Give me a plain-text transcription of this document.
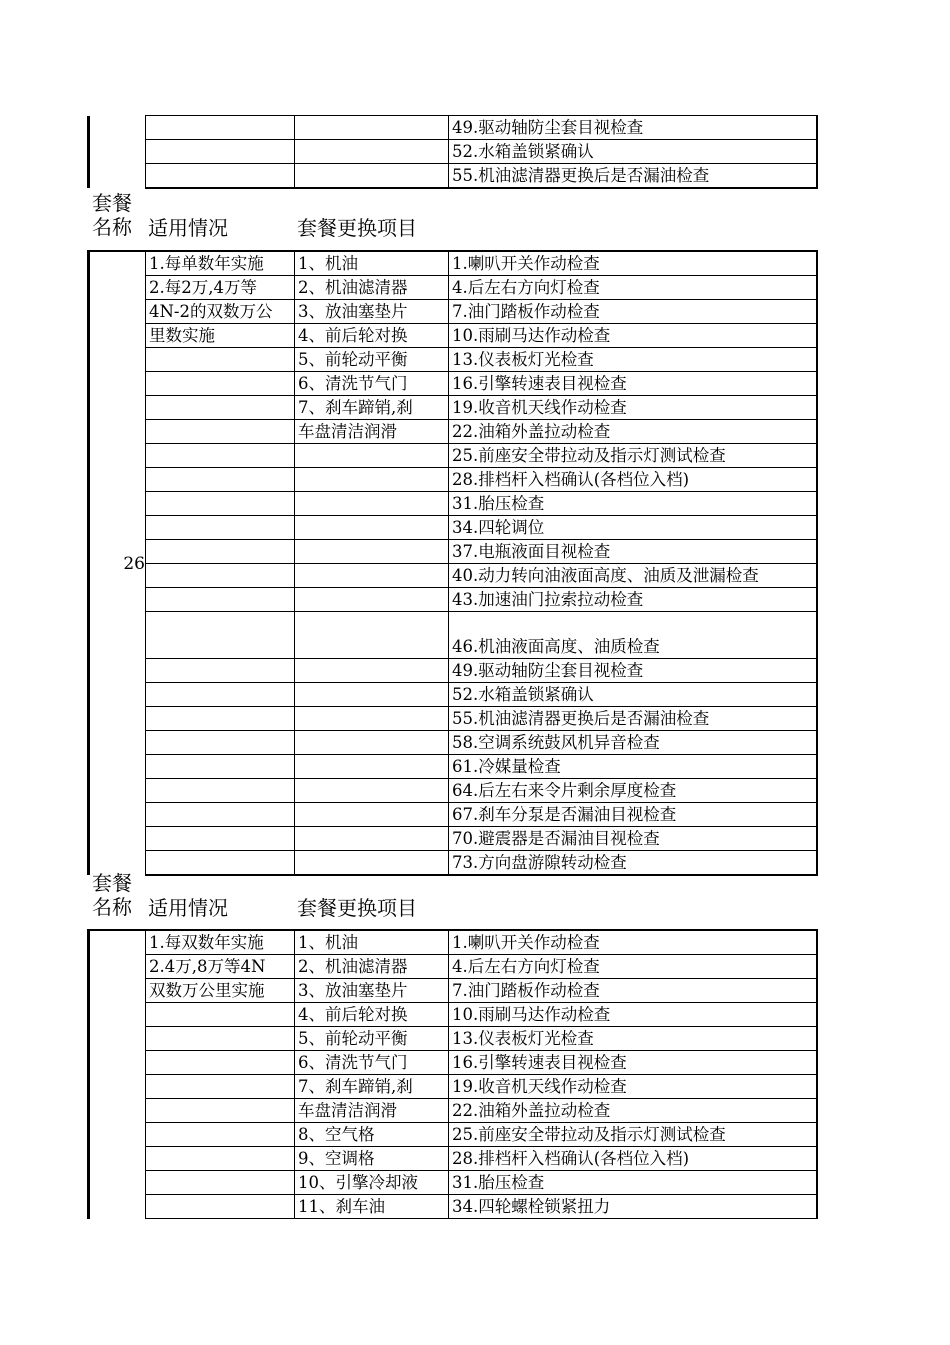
			49.驱动轴防尘套目视检查
			52.水箱盖锁紧确认
			55.机油滤清器更换后是否漏油检查
套餐
名称 适用情况	套餐更换项目
26	1.每单数年实施	1、机油	1.喇叭开关作动检查
	2.每2万,4万等	2、机油滤清器	4.后左右方向灯检查
	4N-2的双数万公	3、放油塞垫片	7.油门踏板作动检查
	里数实施	4、前后轮对换	10.雨刷马达作动检查
		5、前轮动平衡	13.仪表板灯光检查
		6、清洗节气门	16.引擎转速表目视检查
		7、刹车蹄销,刹	19.收音机天线作动检查
		车盘清洁润滑	22.油箱外盖拉动检查
			25.前座安全带拉动及指示灯测试检查
			28.排档杆入档确认(各档位入档)
			31.胎压检查
			34.四轮调位
			37.电瓶液面目视检查
			40.动力转向油液面高度、油质及泄漏检查
			43.加速油门拉索拉动检查
			46.机油液面高度、油质检查
			49.驱动轴防尘套目视检查
			52.水箱盖锁紧确认
			55.机油滤清器更换后是否漏油检查
			58.空调系统鼓风机异音检查
			61.冷媒量检查
			64.后左右来令片剩余厚度检查
			67.刹车分泵是否漏油目视检查
			70.避震器是否漏油目视检查
			73.方向盘游隙转动检查
套餐
名称 适用情况	套餐更换项目
	1.每双数年实施	1、机油	1.喇叭开关作动检查
	2.4万,8万等4N	2、机油滤清器	4.后左右方向灯检查
	双数万公里实施	3、放油塞垫片	7.油门踏板作动检查
		4、前后轮对换	10.雨刷马达作动检查
		5、前轮动平衡	13.仪表板灯光检查
		6、清洗节气门	16.引擎转速表目视检查
		7、刹车蹄销,刹	19.收音机天线作动检查
		车盘清洁润滑	22.油箱外盖拉动检查
		8、空气格	25.前座安全带拉动及指示灯测试检查
		9、空调格	28.排档杆入档确认(各档位入档)
		10、引擎冷却液	31.胎压检查
		11、刹车油	34.四轮螺栓锁紧扭力
